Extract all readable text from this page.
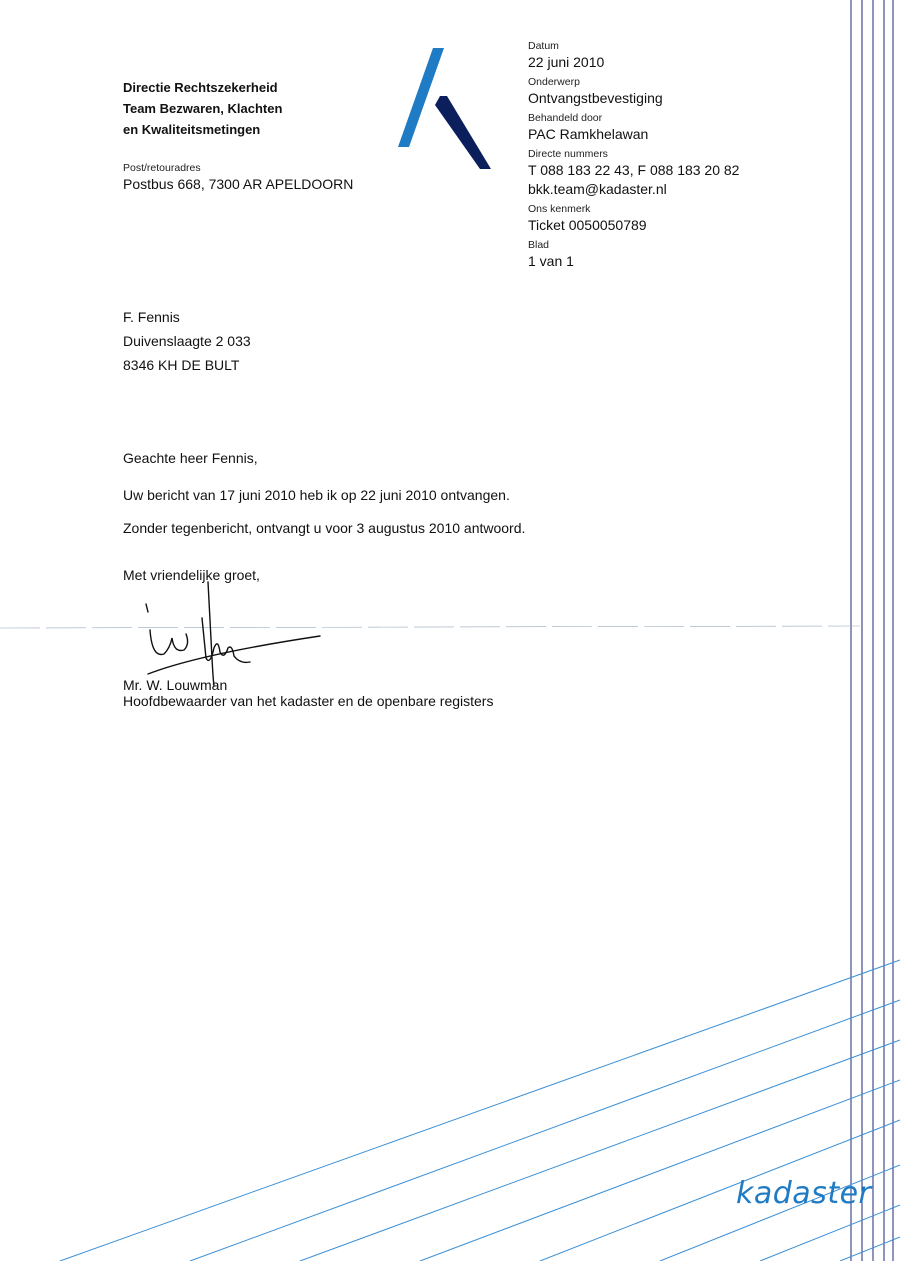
Directie Rechtszekerheid
Team Bezwaren, Klachten
en Kwaliteitsmetingen
Post/retouradres
Postbus 668, 7300 AR APELDOORN
Datum
22 juni 2010
Onderwerp
Ontvangstbevestiging
Behandeld door
PAC Ramkhelawan
Directe nummers
T 088 183 22 43, F 088 183 20 82
bkk.team@kadaster.nl
Ons kenmerk
Ticket 0050050789
Blad
1 van 1
F. Fennis
Duivenslaagte 2 033
8346 KH DE BULT
Geachte heer Fennis,
Uw bericht van 17 juni 2010 heb ik op 22 juni 2010 ontvangen.
Zonder tegenbericht, ontvangt u voor 3 augustus 2010 antwoord.
Met vriendelijke groet,
Mr. W. Louwman
Hoofdbewaarder van het kadaster en de openbare registers
kadaster
